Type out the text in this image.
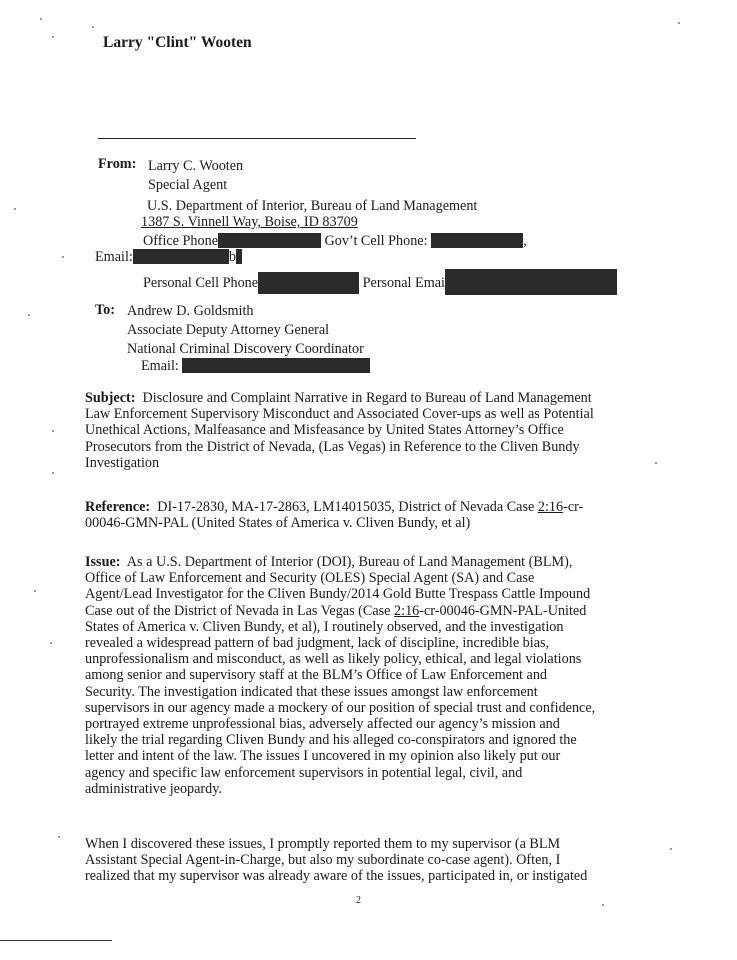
Larry "Clint" Wooten
From: Larry C. Wooten
Special Agent
U.S. Department of Interior, Bureau of Land Management
1387 S. Vinnell Way, Boise, ID 83709
Office Phone	Gov’t Cell Phone:	,
Email:	b
Personal Cell Phone	Personal Emai
To: Andrew D. Goldsmith
Associate Deputy Attorney General
National Criminal Discovery Coordinator
Email:
Subject: Disclosure and Complaint Narrative in Regard to Bureau of Land Management
Law Enforcement Supervisory Misconduct and Associated Cover-ups as well as Potential
Unethical Actions, Malfeasance and Misfeasance by United States Attorney’s Office
Prosecutors from the District of Nevada, (Las Vegas) in Reference to the Cliven Bundy
Investigation
Reference: DI-17-2830, MA-17-2863, LM14015035, District of Nevada Case 2:16-cr-
00046-GMN-PAL (United States of America v. Cliven Bundy, et al)
Issue: As a U.S. Department of Interior (DOI), Bureau of Land Management (BLM),
Office of Law Enforcement and Security (OLES) Special Agent (SA) and Case
Agent/Lead Investigator for the Cliven Bundy/2014 Gold Butte Trespass Cattle Impound
Case out of the District of Nevada in Las Vegas (Case 2:16-cr-00046-GMN-PAL-United
States of America v. Cliven Bundy, et al), I routinely observed, and the investigation
revealed a widespread pattern of bad judgment, lack of discipline, incredible bias,
unprofessionalism and misconduct, as well as likely policy, ethical, and legal violations
among senior and supervisory staff at the BLM’s Office of Law Enforcement and
Security. The investigation indicated that these issues amongst law enforcement
supervisors in our agency made a mockery of our position of special trust and confidence,
portrayed extreme unprofessional bias, adversely affected our agency’s mission and
likely the trial regarding Cliven Bundy and his alleged co-conspirators and ignored the
letter and intent of the law. The issues I uncovered in my opinion also likely put our
agency and specific law enforcement supervisors in potential legal, civil, and
administrative jeopardy.
When I discovered these issues, I promptly reported them to my supervisor (a BLM
Assistant Special Agent-in-Charge, but also my subordinate co-case agent). Often, I
realized that my supervisor was already aware of the issues, participated in, or instigated
2
